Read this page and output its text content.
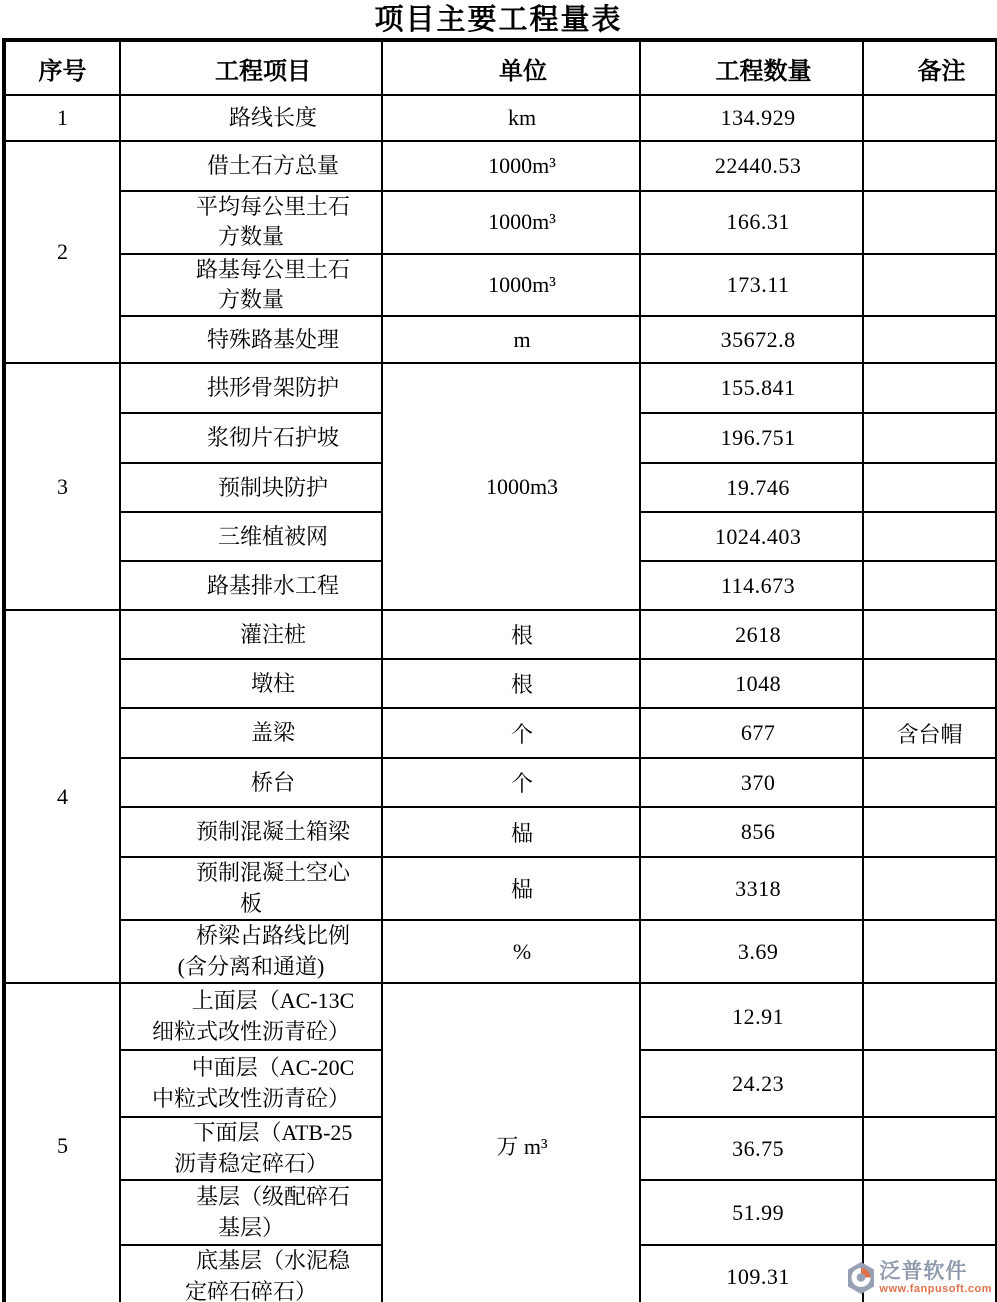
项目主要工程量表
序号	工程项目	单位	工程数量	备注
1	路线长度	km	134.929	
2	借土石方总量	1000m³	22440.53	
	平均每公里土石方数量	1000m³	166.31	
	路基每公里土石方数量	1000m³	173.11	
	特殊路基处理	m	35672.8	
3	拱形骨架防护	1000m3	155.841	
	浆彻片石护坡		196.751	
	预制块防护		19.746	
	三维植被网		1024.403	
	路基排水工程		114.673	
4	灌注桩	根	2618	
	墩柱	根	1048	
	盖梁	个	677	含台帽
	桥台	个	370	
	预制混凝土箱梁	榀	856	
	预制混凝土空心板	榀	3318	
	桥梁占路线比例(含分离和通道)	%	3.69	
5	上面层（AC-13C细粒式改性沥青砼）	万 m³	12.91	
	中面层（AC-20C中粒式改性沥青砼）		24.23	
	下面层（ATB-25沥青稳定碎石）		36.75	
	基层（级配碎石基层）		51.99	
	底基层（水泥稳定碎石碎石）		109.31		泛普软件
www.fanpusoft.com
